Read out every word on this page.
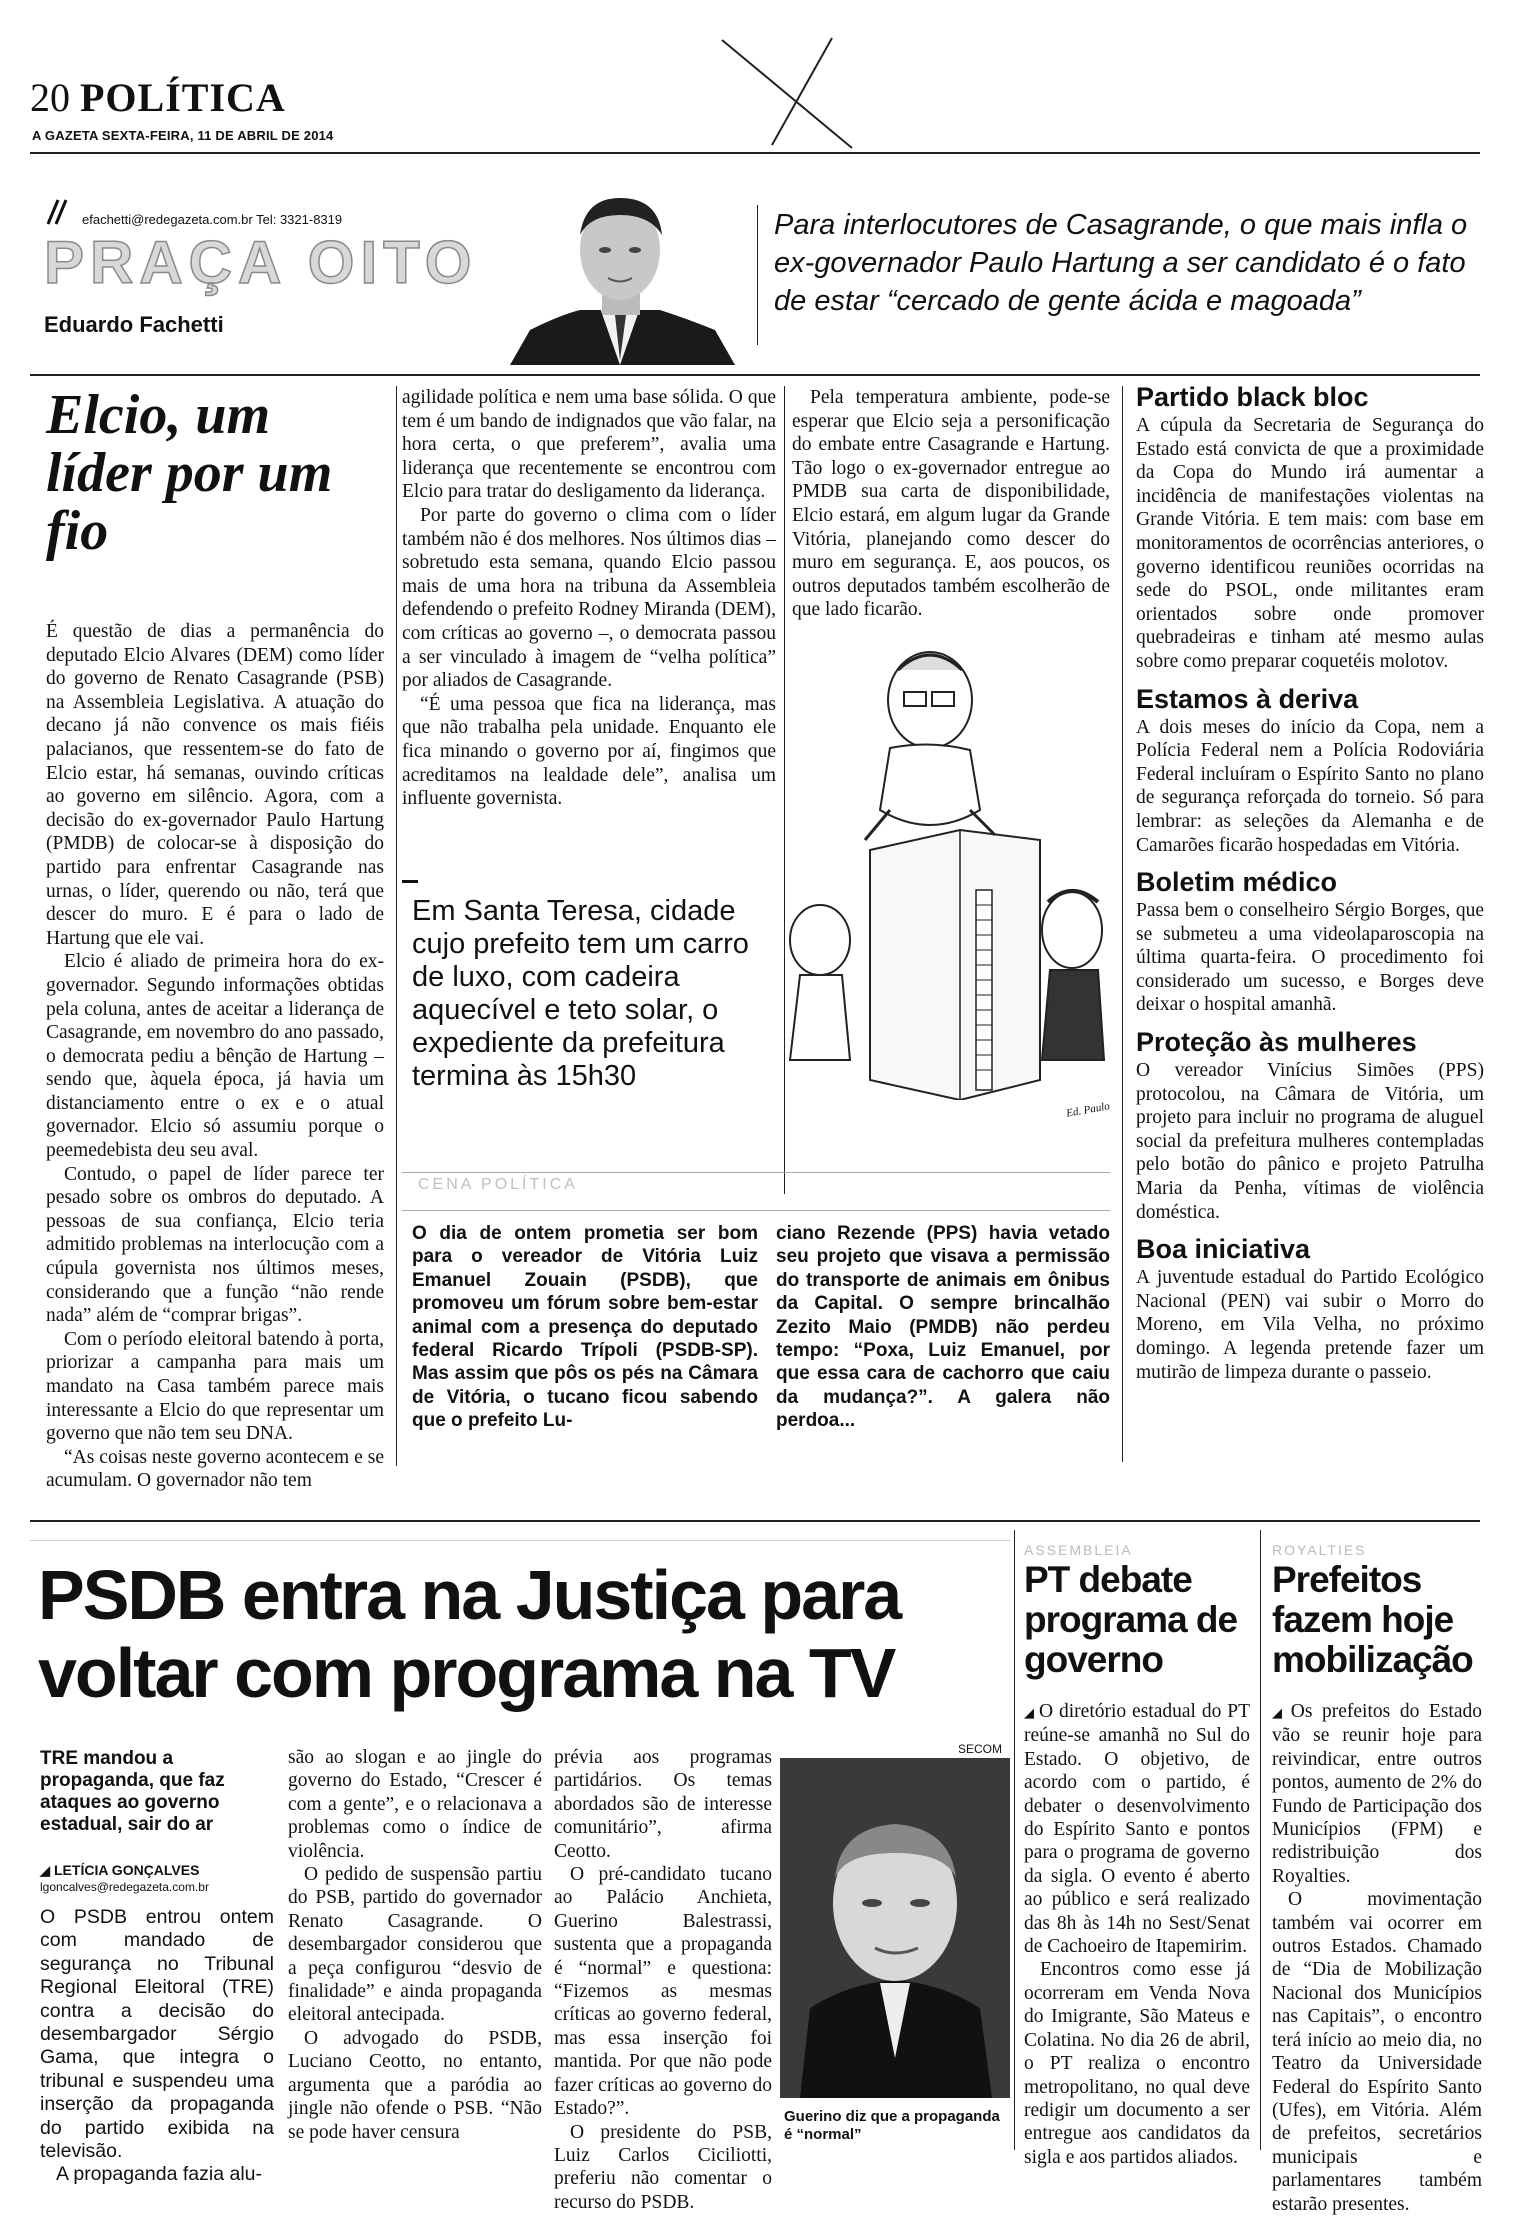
20 POLÍTICA
A GAZETA SEXTA-FEIRA, 11 DE ABRIL DE 2014
efachetti@redegazeta.com.br Tel: 3321-8319
PRAÇA OITO
Eduardo Fachetti
Para interlocutores de Casagrande, o que mais infla o ex-governador Paulo Hartung a ser candidato é o fato de estar “cercado de gente ácida e magoada”
Elcio, um líder por um fio

É questão de dias a permanência do deputado Elcio Alvares (DEM) como líder do governo de Renato Casagrande (PSB) na Assembleia Legislativa. A atuação do decano já não convence os mais fiéis palacianos, que ressentem-se do fato de Elcio estar, há semanas, ouvindo críticas ao governo em silêncio. Agora, com a decisão do ex-governador Paulo Hartung (PMDB) de colocar-se à disposição do partido para enfrentar Casagrande nas urnas, o líder, querendo ou não, terá que descer do muro. E é para o lado de Hartung que ele vai.

Elcio é aliado de primeira hora do ex-governador. Segundo informações obtidas pela coluna, antes de aceitar a liderança de Casagrande, em novembro do ano passado, o democrata pediu a bênção de Hartung – sendo que, àquela época, já havia um distanciamento entre o ex e o atual governador. Elcio só assumiu porque o peemedebista deu seu aval.

Contudo, o papel de líder parece ter pesado sobre os ombros do deputado. A pessoas de sua confiança, Elcio teria admitido problemas na interlocução com a cúpula governista nos últimos meses, considerando que a função “não rende nada” além de “comprar brigas”.

Com o período eleitoral batendo à porta, priorizar a campanha para mais um mandato na Casa também parece mais interessante a Elcio do que representar um governo que não tem seu DNA.

“As coisas neste governo acontecem e se acumulam. O governador não tem

agilidade política e nem uma base sólida. O que tem é um bando de indignados que vão falar, na hora certa, o que preferem”, avalia uma liderança que recentemente se encontrou com Elcio para tratar do desligamento da liderança.

Por parte do governo o clima com o líder também não é dos melhores. Nos últimos dias – sobretudo esta semana, quando Elcio passou mais de uma hora na tribuna da Assembleia defendendo o prefeito Rodney Miranda (DEM), com críticas ao governo –, o democrata passou a ser vinculado à imagem de “velha política” por aliados de Casagrande.

“É uma pessoa que fica na liderança, mas que não trabalha pela unidade. Enquanto ele fica minando o governo por aí, fingimos que acreditamos na lealdade dele”, analisa um influente governista.

Em Santa Teresa, cidade cujo prefeito tem um carro de luxo, com cadeira aquecível e teto solar, o expediente da prefeitura termina às 15h30

Pela temperatura ambiente, pode-se esperar que Elcio seja a personificação do embate entre Casagrande e Hartung. Tão logo o ex-governador entregue ao PMDB sua carta de disponibilidade, Elcio estará, em algum lugar da Grande Vitória, planejando como descer do muro em segurança. E, aos poucos, os outros deputados também escolherão de que lado ficarão.

Ed. Paulo
CENA POLÍTICA

O dia de ontem prometia ser bom para o vereador de Vitória Luiz Emanuel Zouain (PSDB), que promoveu um fórum sobre bem-estar animal com a presença do deputado federal Ricardo Trípoli (PSDB-SP). Mas assim que pôs os pés na Câmara de Vitória, o tucano ficou sabendo que o prefeito Lu-

ciano Rezende (PPS) havia vetado seu projeto que visava a permissão do transporte de animais em ônibus da Capital. O sempre brincalhão Zezito Maio (PMDB) não perdeu tempo: “Poxa, Luiz Emanuel, por que essa cara de cachorro que caiu da mudança?”. A galera não perdoa...

Partido black bloc

A cúpula da Secretaria de Segurança do Estado está convicta de que a proximidade da Copa do Mundo irá aumentar a incidência de manifestações violentas na Grande Vitória. E tem mais: com base em monitoramentos de ocorrências anteriores, o governo identificou reuniões ocorridas na sede do PSOL, onde militantes eram orientados sobre onde promover quebradeiras e tinham até mesmo aulas sobre como preparar coquetéis molotov.

Estamos à deriva

A dois meses do início da Copa, nem a Polícia Federal nem a Polícia Rodoviária Federal incluíram o Espírito Santo no plano de segurança reforçada do torneio. Só para lembrar: as seleções da Alemanha e de Camarões ficarão hospedadas em Vitória.

Boletim médico

Passa bem o conselheiro Sérgio Borges, que se submeteu a uma videolaparoscopia na última quarta-feira. O procedimento foi considerado um sucesso, e Borges deve deixar o hospital amanhã.

Proteção às mulheres

O vereador Vinícius Simões (PPS) protocolou, na Câmara de Vitória, um projeto para incluir no programa de aluguel social da prefeitura mulheres contempladas pelo botão do pânico e projeto Patrulha Maria da Penha, vítimas de violência doméstica.

Boa iniciativa

A juventude estadual do Partido Ecológico Nacional (PEN) vai subir o Morro do Moreno, em Vila Velha, no próximo domingo. A legenda pretende fazer um mutirão de limpeza durante o passeio.

PSDB entra na Justiça para voltar com programa na TV
TRE mandou a propaganda, que faz ataques ao governo estadual, sair do ar
◢ LETÍCIA GONÇALVES
lgoncalves@redegazeta.com.br

O PSDB entrou ontem com mandado de segurança no Tribunal Regional Eleitoral (TRE) contra a decisão do desembargador Sérgio Gama, que integra o tribunal e suspendeu uma inserção da propaganda do partido exibida na televisão.

A propaganda fazia alu-

são ao slogan e ao jingle do governo do Estado, “Crescer é com a gente”, e o relacionava a problemas como o índice de violência.

O pedido de suspensão partiu do PSB, partido do governador Renato Casagrande. O desembargador considerou que a peça configurou “desvio de finalidade” e ainda propaganda eleitoral antecipada.

O advogado do PSDB, Luciano Ceotto, no entanto, argumenta que a paródia ao jingle não ofende o PSB. “Não se pode haver censura

prévia aos programas partidários. Os temas abordados são de interesse comunitário”, afirma Ceotto.

O pré-candidato tucano ao Palácio Anchieta, Guerino Balestrassi, sustenta que a propaganda é “normal” e questiona: “Fizemos as mesmas críticas ao governo federal, mas essa inserção foi mantida. Por que não pode fazer críticas ao governo do Estado?”.

O presidente do PSB, Luiz Carlos Ciciliotti, preferiu não comentar o recurso do PSDB.

SECOM
Guerino diz que a propaganda é “normal”
ASSEMBLEIA
PT debate programa de governo

◢ O diretório estadual do PT reúne-se amanhã no Sul do Estado. O objetivo, de acordo com o partido, é debater o desenvolvimento do Espírito Santo e pontos para o programa de governo da sigla. O evento é aberto ao público e será realizado das 8h às 14h no Sest/Senat de Cachoeiro de Itapemirim.

Encontros como esse já ocorreram em Venda Nova do Imigrante, São Mateus e Colatina. No dia 26 de abril, o PT realiza o encontro metropolitano, no qual deve redigir um documento a ser entregue aos candidatos da sigla e aos partidos aliados.

ROYALTIES
Prefeitos fazem hoje mobilização

◢ Os prefeitos do Estado vão se reunir hoje para reivindicar, entre outros pontos, aumento de 2% do Fundo de Participação dos Municípios (FPM) e redistribuição dos Royalties.

O movimentação também vai ocorrer em outros Estados. Chamado de “Dia de Mobilização Nacional dos Municípios nas Capitais”, o encontro terá início ao meio dia, no Teatro da Universidade Federal do Espírito Santo (Ufes), em Vitória. Além de prefeitos, secretários municipais e parlamentares também estarão presentes.
